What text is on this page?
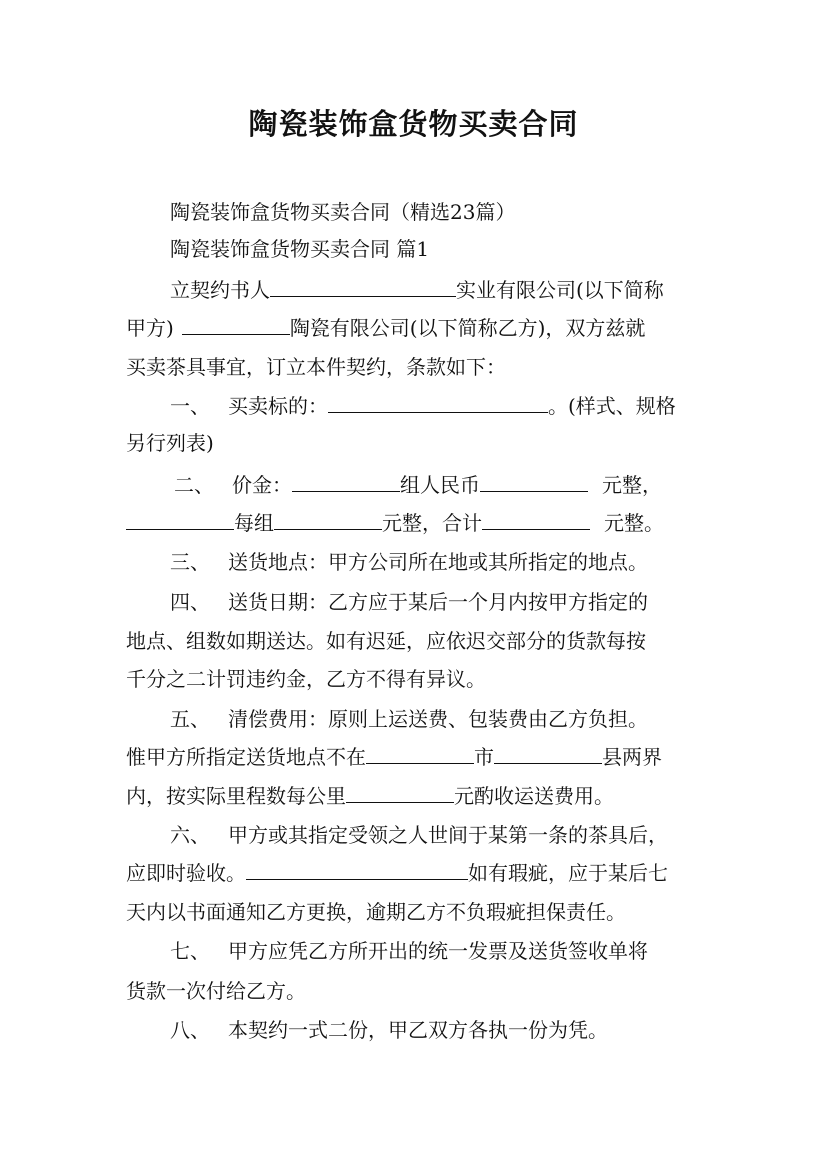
陶瓷装饰盒货物买卖合同
陶瓷装饰盒货物买卖合同（精选23篇）
陶瓷装饰盒货物买卖合同 篇1
立契约书人	实业有限公司(以下简称
甲方)	陶瓷有限公司(以下简称乙方)，双方兹就
买卖茶具事宜，订立本件契约，条款如下：
一、 买卖标的：	。(样式、规格
另行列表)
二、 价金：	组人民币	元整，
每组	元整，合计	元整。
三、 送货地点：甲方公司所在地或其所指定的地点。
四、 送货日期：乙方应于某后一个月内按甲方指定的
地点、组数如期送达。如有迟延，应依迟交部分的货款每按
千分之二计罚违约金，乙方不得有异议。
五、 清偿费用：原则上运送费、包装费由乙方负担。
惟甲方所指定送货地点不在	市	县两界
内，按实际里程数每公里	元酌收运送费用。
六、 甲方或其指定受领之人世间于某第一条的茶具后，
应即时验收。	如有瑕疵，应于某后七
天内以书面通知乙方更换，逾期乙方不负瑕疵担保责任。
七、 甲方应凭乙方所开出的统一发票及送货签收单将
货款一次付给乙方。
八、 本契约一式二份，甲乙双方各执一份为凭。
